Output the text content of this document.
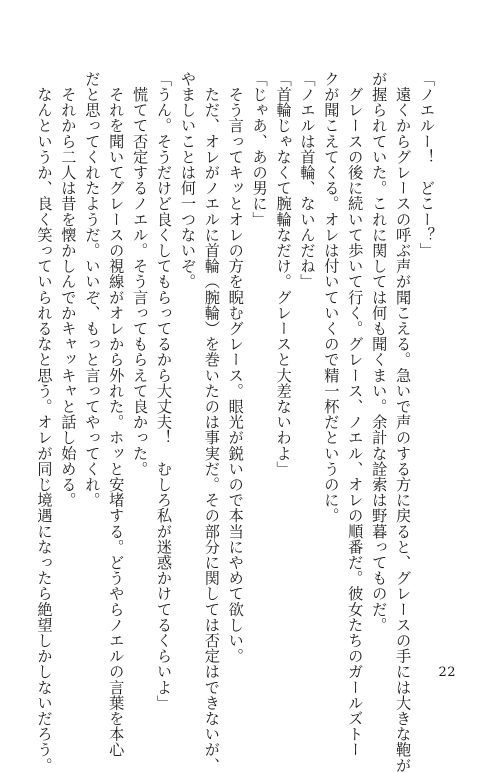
「ノエルー！　どこー？」
　遠くからグレースの呼ぶ声が聞こえる。急いで声のする方に戻ると、グレースの手には大きな鞄が
が握られていた。これに関しては何も聞くまい。余計な詮索は野暮ってものだ。
　グレースの後に続いて歩いて行く。グレース、ノエル、オレの順番だ。彼女たちのガールズトー
クが聞こえてくる。オレは付いていくので精一杯だというのに。
「ノエルは首輪、ないんだね」
「首輪じゃなくて腕輪なだけ。グレースと大差ないわよ」
「じゃあ、あの男に」
　そう言ってキッとオレの方を睨むグレース。眼光が鋭いので本当にやめて欲しい。
　ただ、オレがノエルに首輪（腕輪）を巻いたのは事実だ。その部分に関しては否定はできないが、
やましいことは何一つないぞ。
「うん。そうだけど良くしてもらってるから大丈夫！　むしろ私が迷惑かけてるくらいよ」
　慌てて否定するノエル。そう言ってもらえて良かった。
　それを聞いてグレースの視線がオレから外れた。ホッと安堵する。どうやらノエルの言葉を本心
だと思ってくれたようだ。いいぞ、もっと言ってやってくれ。
　それから二人は昔を懐かしんでかキャッキャと話し始める。
　なんというか、良く笑っていられるなと思う。オレが同じ境遇になったら絶望しかしないだろう。	22
